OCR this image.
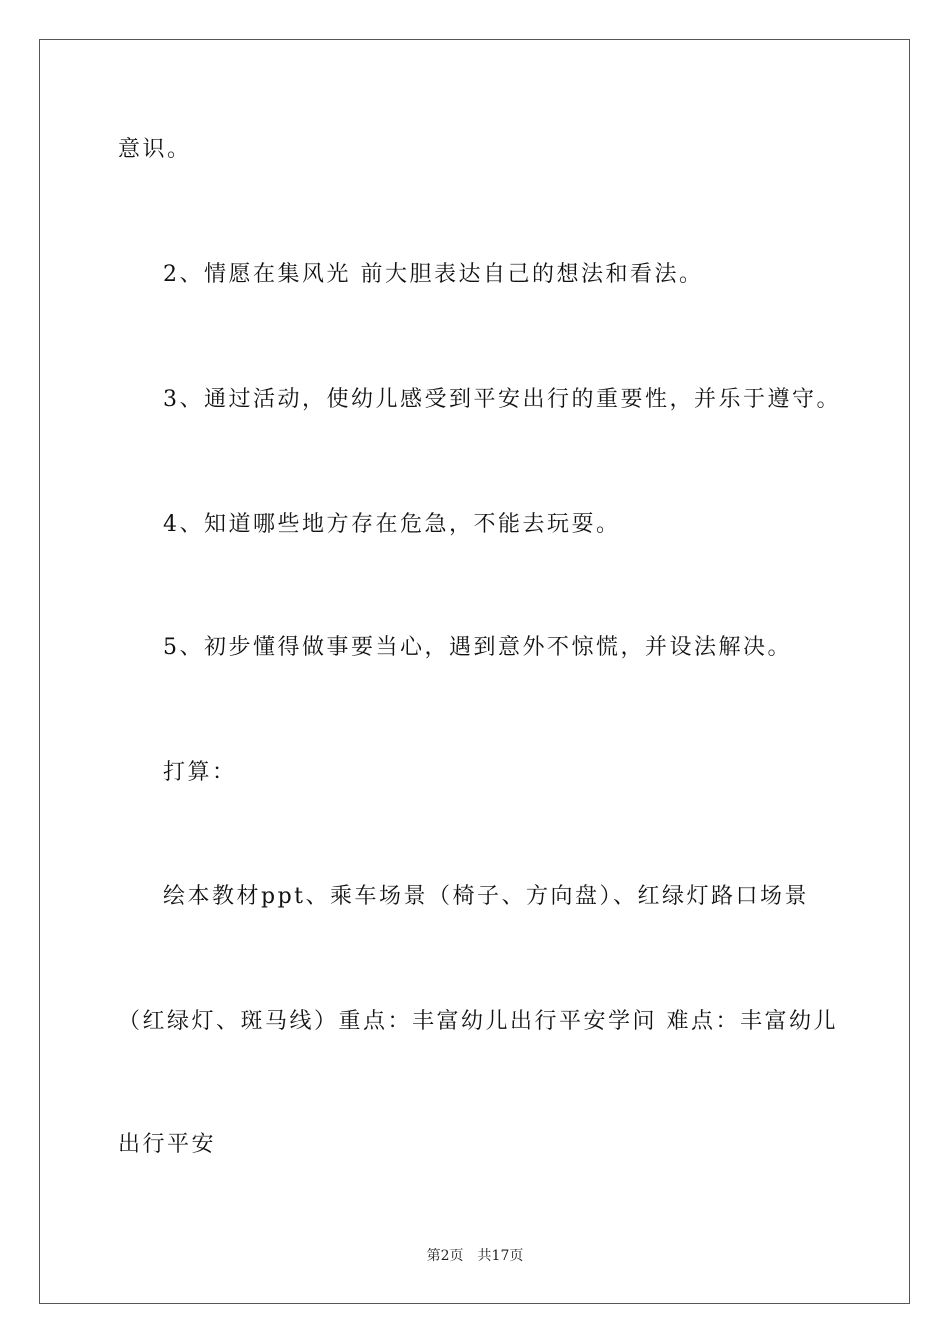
意识。

2、情愿在集风光 前大胆表达自己的想法和看法。

3、通过活动，使幼儿感受到平安出行的重要性，并乐于遵守。

4、知道哪些地方存在危急，不能去玩耍。

5、初步懂得做事要当心，遇到意外不惊慌，并设法解决。

打算：

绘本教材ppt、乘车场景（椅子、方向盘）、红绿灯路口场景

（红绿灯、斑马线）重点：丰富幼儿出行平安学问 难点：丰富幼儿

出行平安

第2页 共17页
